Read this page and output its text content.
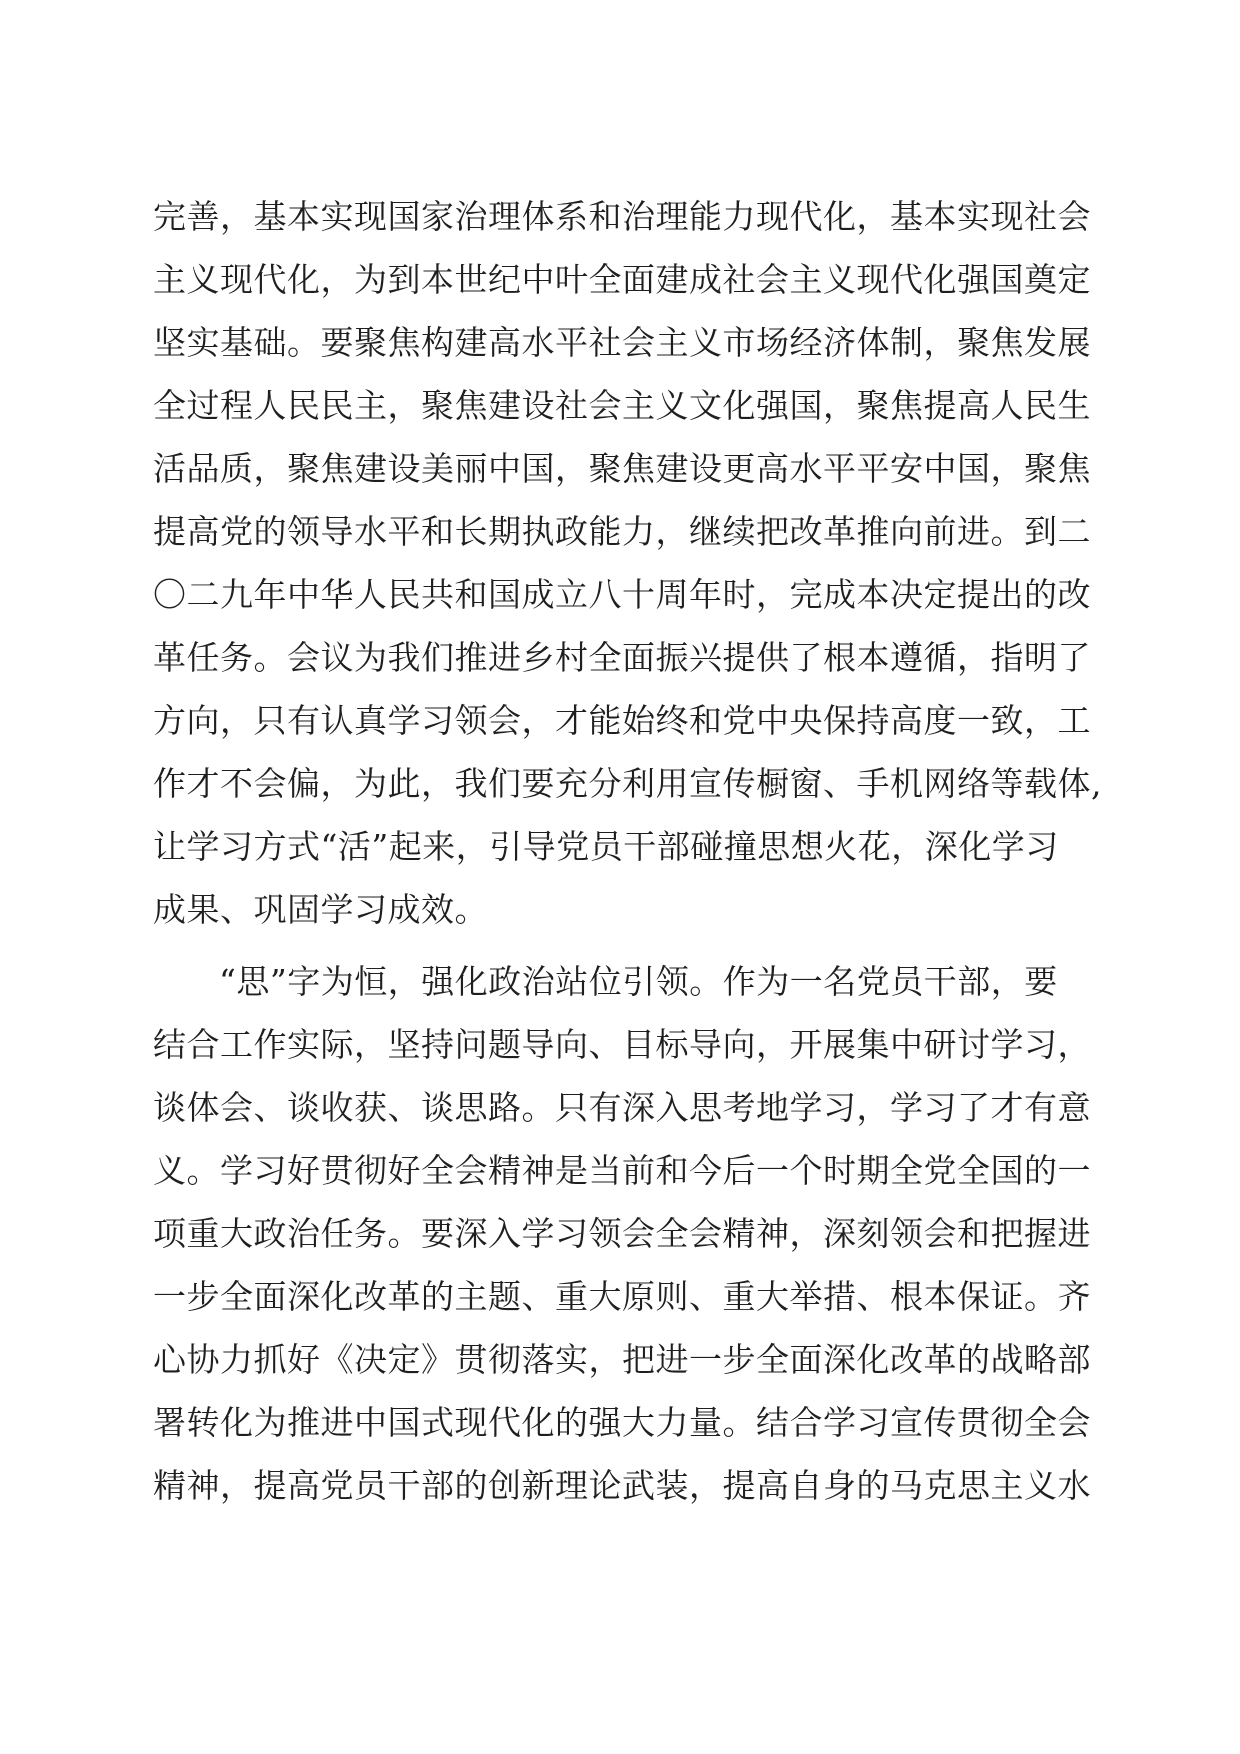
完善，基本实现国家治理体系和治理能力现代化，基本实现社会
主义现代化，为到本世纪中叶全面建成社会主义现代化强国奠定
坚实基础。要聚焦构建高水平社会主义市场经济体制，聚焦发展
全过程人民民主，聚焦建设社会主义文化强国，聚焦提高人民生
活品质，聚焦建设美丽中国，聚焦建设更高水平平安中国，聚焦
提高党的领导水平和长期执政能力，继续把改革推向前进。到二
〇二九年中华人民共和国成立八十周年时，完成本决定提出的改
革任务。会议为我们推进乡村全面振兴提供了根本遵循，指明了
方向，只有认真学习领会，才能始终和党中央保持高度一致，工
作才不会偏，为此，我们要充分利用宣传橱窗、手机网络等载体,
让学习方式“活”起来，引导党员干部碰撞思想火花，深化学习
成果、巩固学习成效。
“思”字为恒，强化政治站位引领。作为一名党员干部，要
结合工作实际，坚持问题导向、目标导向，开展集中研讨学习，
谈体会、谈收获、谈思路。只有深入思考地学习，学习了才有意
义。学习好贯彻好全会精神是当前和今后一个时期全党全国的一
项重大政治任务。要深入学习领会全会精神，深刻领会和把握进
一步全面深化改革的主题、重大原则、重大举措、根本保证。齐
心协力抓好《决定》贯彻落实，把进一步全面深化改革的战略部
署转化为推进中国式现代化的强大力量。结合学习宣传贯彻全会
精神，提高党员干部的创新理论武装，提高自身的马克思主义水
